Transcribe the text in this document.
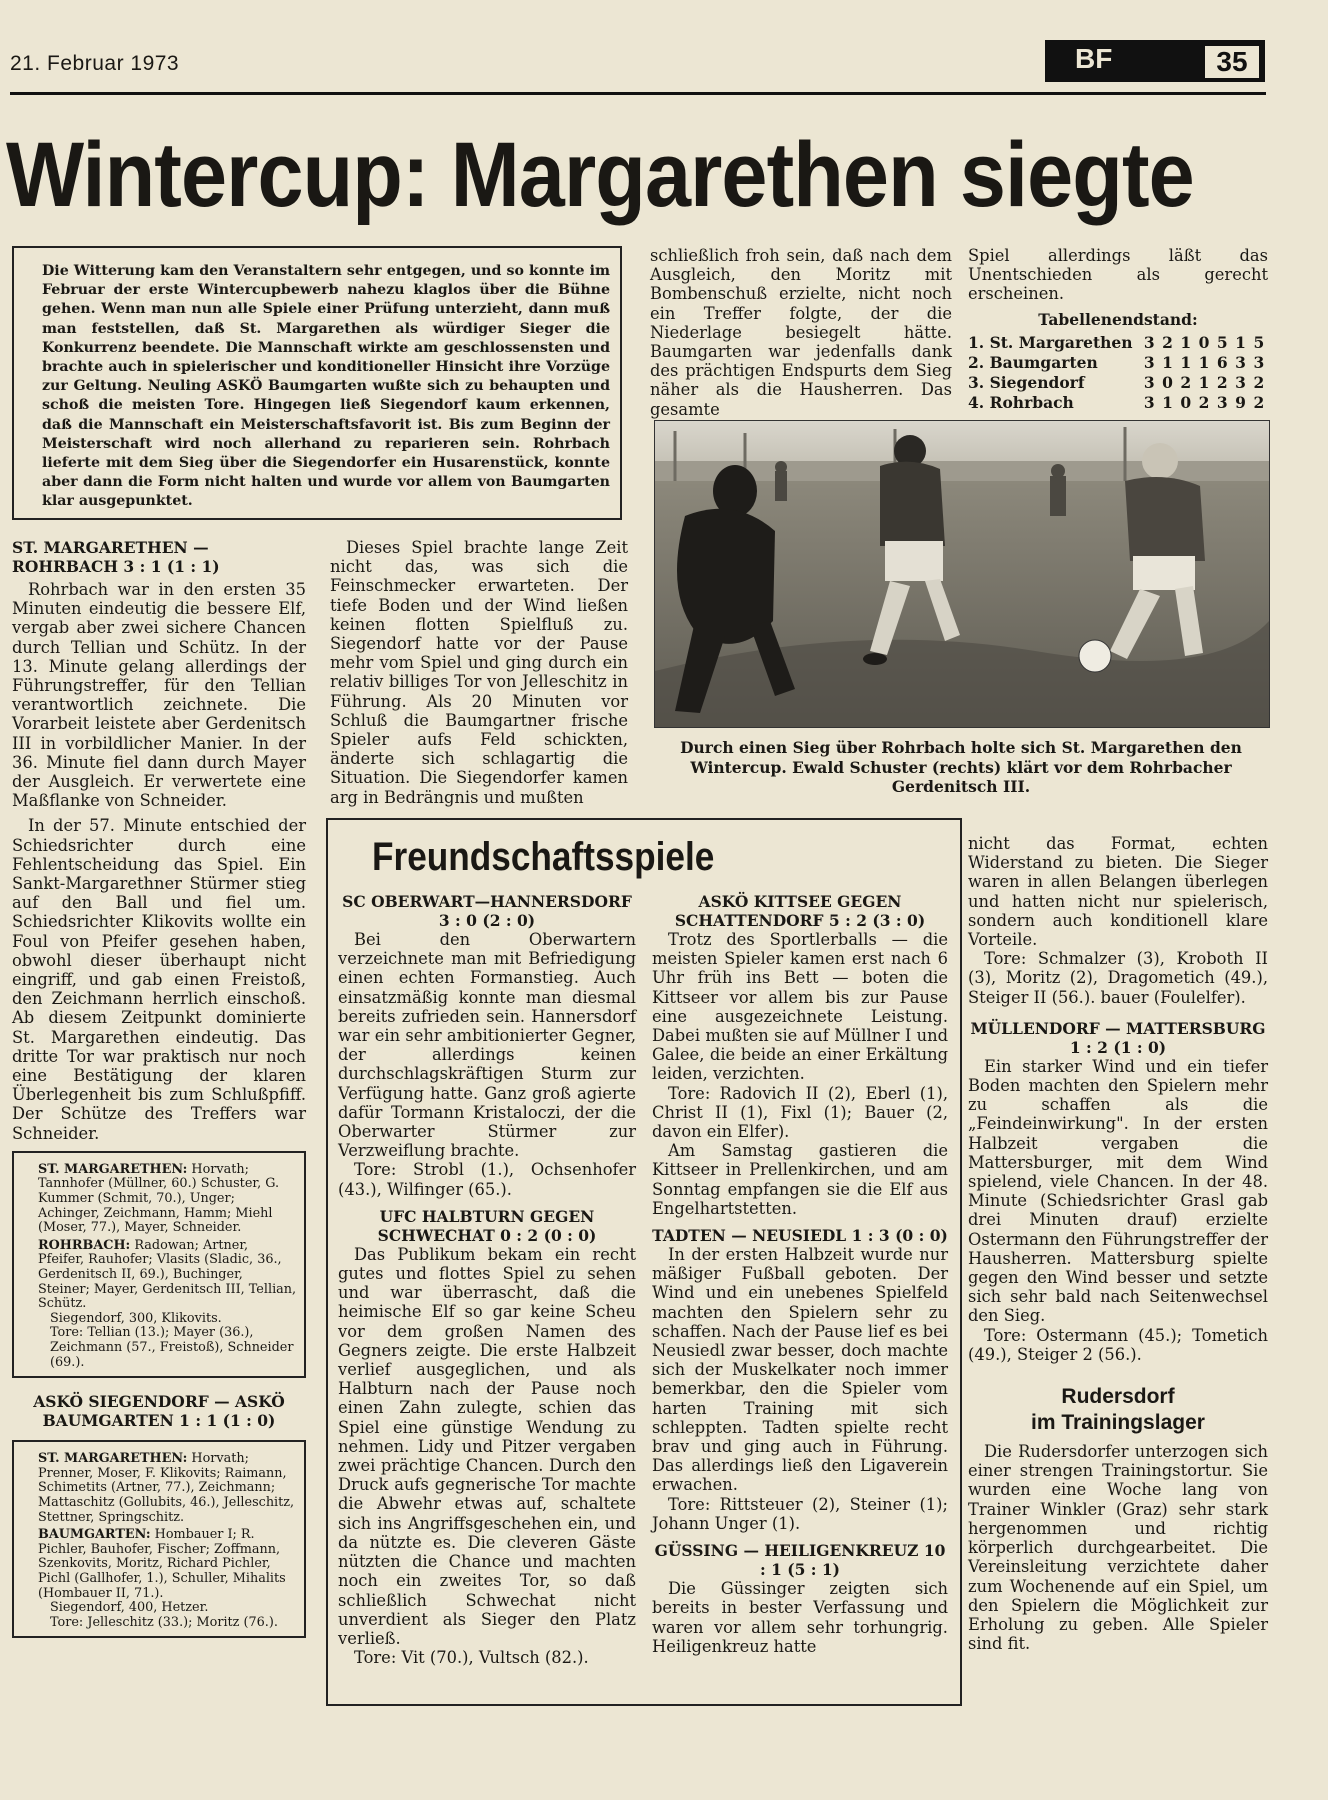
21. Februar 1973	BF	35
Wintercup: Margarethen siegte
Die Witterung kam den Veranstaltern sehr entgegen, und so konnte im Februar der erste Wintercupbewerb nahezu klaglos über die Bühne gehen. Wenn man nun alle Spiele einer Prüfung unterzieht, dann muß man feststellen, daß St. Margarethen als würdiger Sieger die Konkurrenz beendete. Die Mannschaft wirkte am geschlossensten und brachte auch in spielerischer und konditioneller Hinsicht ihre Vorzüge zur Geltung. Neuling ASKÖ Baumgarten wußte sich zu behaupten und schoß die meisten Tore. Hingegen ließ Siegendorf kaum erkennen, daß die Mannschaft ein Meisterschaftsfavorit ist. Bis zum Beginn der Meisterschaft wird noch allerhand zu reparieren sein. Rohrbach lieferte mit dem Sieg über die Siegendorfer ein Husarenstück, konnte aber dann die Form nicht halten und wurde vor allem von Baumgarten klar ausgepunktet.

schließlich froh sein, daß nach dem Ausgleich, den Moritz mit Bombenschuß erzielte, nicht noch ein Treffer folgte, der die Niederlage besiegelt hätte. Baumgarten war jedenfalls dank des prächtigen Endspurts dem Sieg näher als die Hausherren. Das gesamte

Spiel allerdings läßt das Unentschieden als gerecht erscheinen.

Tabellenendstand:
1. St. Margarethen	3	2	1	0	5	1	5
2. Baumgarten	3	1	1	1	6	3	3
3. Siegendorf	3	0	2	1	2	3	2
4. Rohrbach	3	1	0	2	3	9	2
Durch einen Sieg über Rohrbach holte sich St. Margarethen den Wintercup. Ewald Schuster (rechts) klärt vor dem Rohrbacher Gerdenitsch III.
ST. MARGARETHEN — ROHRBACH 3 : 1 (1 : 1)

Rohrbach war in den ersten 35 Minuten eindeutig die bessere Elf, vergab aber zwei sichere Chancen durch Tellian und Schütz. In der 13. Minute gelang allerdings der Führungstreffer, für den Tellian verantwortlich zeichnete. Die Vorarbeit leistete aber Gerdenitsch III in vorbildlicher Manier. In der 36. Minute fiel dann durch Mayer der Ausgleich. Er verwertete eine Maßflanke von Schneider.

In der 57. Minute entschied der Schiedsrichter durch eine Fehlentscheidung das Spiel. Ein Sankt-Margarethner Stürmer stieg auf den Ball und fiel um. Schiedsrichter Klikovits wollte ein Foul von Pfeifer gesehen haben, obwohl dieser überhaupt nicht eingriff, und gab einen Freistoß, den Zeichmann herrlich einschoß. Ab diesem Zeitpunkt dominierte St. Margarethen eindeutig. Das dritte Tor war praktisch nur noch eine Bestätigung der klaren Überlegenheit bis zum Schlußpfiff. Der Schütze des Treffers war Schneider.

ST. MARGARETHEN: Horvath; Tannhofer (Müllner, 60.) Schuster, G. Kummer (Schmit, 70.), Unger; Achinger, Zeichmann, Hamm; Miehl (Moser, 77.), Mayer, Schneider.

ROHRBACH: Radowan; Artner, Pfeifer, Rauhofer; Vlasits (Sladic, 36., Gerdenitsch II, 69.), Buchinger, Steiner; Mayer, Gerdenitsch III, Tellian, Schütz.

Siegendorf, 300, Klikovits.

Tore: Tellian (13.); Mayer (36.), Zeichmann (57., Freistoß), Schneider (69.).

ASKÖ SIEGENDORF — ASKÖ BAUMGARTEN 1 : 1 (1 : 0)

ST. MARGARETHEN: Horvath; Prenner, Moser, F. Klikovits; Raimann, Schimetits (Artner, 77.), Zeichmann; Mattaschitz (Gollubits, 46.), Jelleschitz, Stettner, Springschitz.

BAUMGARTEN: Hombauer I; R. Pichler, Bauhofer, Fischer; Zoffmann, Szenkovits, Moritz, Richard Pichler, Pichl (Gallhofer, 1.), Schuller, Mihalits (Hombauer II, 71.).

Siegendorf, 400, Hetzer.

Tore: Jelleschitz (33.); Moritz (76.).

Dieses Spiel brachte lange Zeit nicht das, was sich die Feinschmecker erwarteten. Der tiefe Boden und der Wind ließen keinen flotten Spielfluß zu. Siegendorf hatte vor der Pause mehr vom Spiel und ging durch ein relativ billiges Tor von Jelleschitz in Führung. Als 20 Minuten vor Schluß die Baumgartner frische Spieler aufs Feld schickten, änderte sich schlagartig die Situation. Die Siegendorfer kamen arg in Bedrängnis und mußten

Freundschaftsspiele
SC OBERWART—HANNERSDORF 3 : 0 (2 : 0)

Bei den Oberwartern verzeichnete man mit Befriedigung einen echten Formanstieg. Auch einsatzmäßig konnte man diesmal bereits zufrieden sein. Hannersdorf war ein sehr ambitionierter Gegner, der allerdings keinen durchschlagskräftigen Sturm zur Verfügung hatte. Ganz groß agierte dafür Tormann Kristaloczi, der die Oberwarter Stürmer zur Verzweiflung brachte.

Tore: Strobl (1.), Ochsenhofer (43.), Wilfinger (65.).

UFC HALBTURN GEGEN SCHWECHAT 0 : 2 (0 : 0)

Das Publikum bekam ein recht gutes und flottes Spiel zu sehen und war überrascht, daß die heimische Elf so gar keine Scheu vor dem großen Namen des Gegners zeigte. Die erste Halbzeit verlief ausgeglichen, und als Halbturn nach der Pause noch einen Zahn zulegte, schien das Spiel eine günstige Wendung zu nehmen. Lidy und Pitzer vergaben zwei prächtige Chancen. Durch den Druck aufs gegnerische Tor machte die Abwehr etwas auf, schaltete sich ins Angriffsgeschehen ein, und da nützte es. Die cleveren Gäste nützten die Chance und machten noch ein zweites Tor, so daß schließlich Schwechat nicht unverdient als Sieger den Platz verließ.

Tore: Vit (70.), Vultsch (82.).

ASKÖ KITTSEE GEGEN SCHATTENDORF 5 : 2 (3 : 0)

Trotz des Sportlerballs — die meisten Spieler kamen erst nach 6 Uhr früh ins Bett — boten die Kittseer vor allem bis zur Pause eine ausgezeichnete Leistung. Dabei mußten sie auf Müllner I und Galee, die beide an einer Erkältung leiden, verzichten.

Tore: Radovich II (2), Eberl (1), Christ II (1), Fixl (1); Bauer (2, davon ein Elfer).

Am Samstag gastieren die Kittseer in Prellenkirchen, und am Sonntag empfangen sie die Elf aus Engelhartstetten.

TADTEN — NEUSIEDL 1 : 3 (0 : 0)

In der ersten Halbzeit wurde nur mäßiger Fußball geboten. Der Wind und ein unebenes Spielfeld machten den Spielern sehr zu schaffen. Nach der Pause lief es bei Neusiedl zwar besser, doch machte sich der Muskelkater noch immer bemerkbar, den die Spieler vom harten Training mit sich schleppten. Tadten spielte recht brav und ging auch in Führung. Das allerdings ließ den Ligaverein erwachen.

Tore: Rittsteuer (2), Steiner (1); Johann Unger (1).

GÜSSING — HEILIGENKREUZ 10 : 1 (5 : 1)

Die Güssinger zeigten sich bereits in bester Verfassung und waren vor allem sehr torhungrig. Heiligenkreuz hatte

nicht das Format, echten Widerstand zu bieten. Die Sieger waren in allen Belangen überlegen und hatten nicht nur spielerisch, sondern auch konditionell klare Vorteile.

Tore: Schmalzer (3), Kroboth II (3), Moritz (2), Dragometich (49.), Steiger II (56.). bauer (Foulelfer).

MÜLLENDORF — MATTERSBURG 1 : 2 (1 : 0)

Ein starker Wind und ein tiefer Boden machten den Spielern mehr zu schaffen als die „Feindeinwirkung". In der ersten Halbzeit vergaben die Mattersburger, mit dem Wind spielend, viele Chancen. In der 48. Minute (Schiedsrichter Grasl gab drei Minuten drauf) erzielte Ostermann den Führungstreffer der Hausherren. Mattersburg spielte gegen den Wind besser und setzte sich sehr bald nach Seitenwechsel den Sieg.

Tore: Ostermann (45.); Tometich (49.), Steiger 2 (56.).

Rudersdorf
im Trainingslager

Die Rudersdorfer unterzogen sich einer strengen Trainingstortur. Sie wurden eine Woche lang von Trainer Winkler (Graz) sehr stark hergenommen und richtig körperlich durchgearbeitet. Die Vereinsleitung verzichtete daher zum Wochenende auf ein Spiel, um den Spielern die Möglichkeit zur Erholung zu geben. Alle Spieler sind fit.
